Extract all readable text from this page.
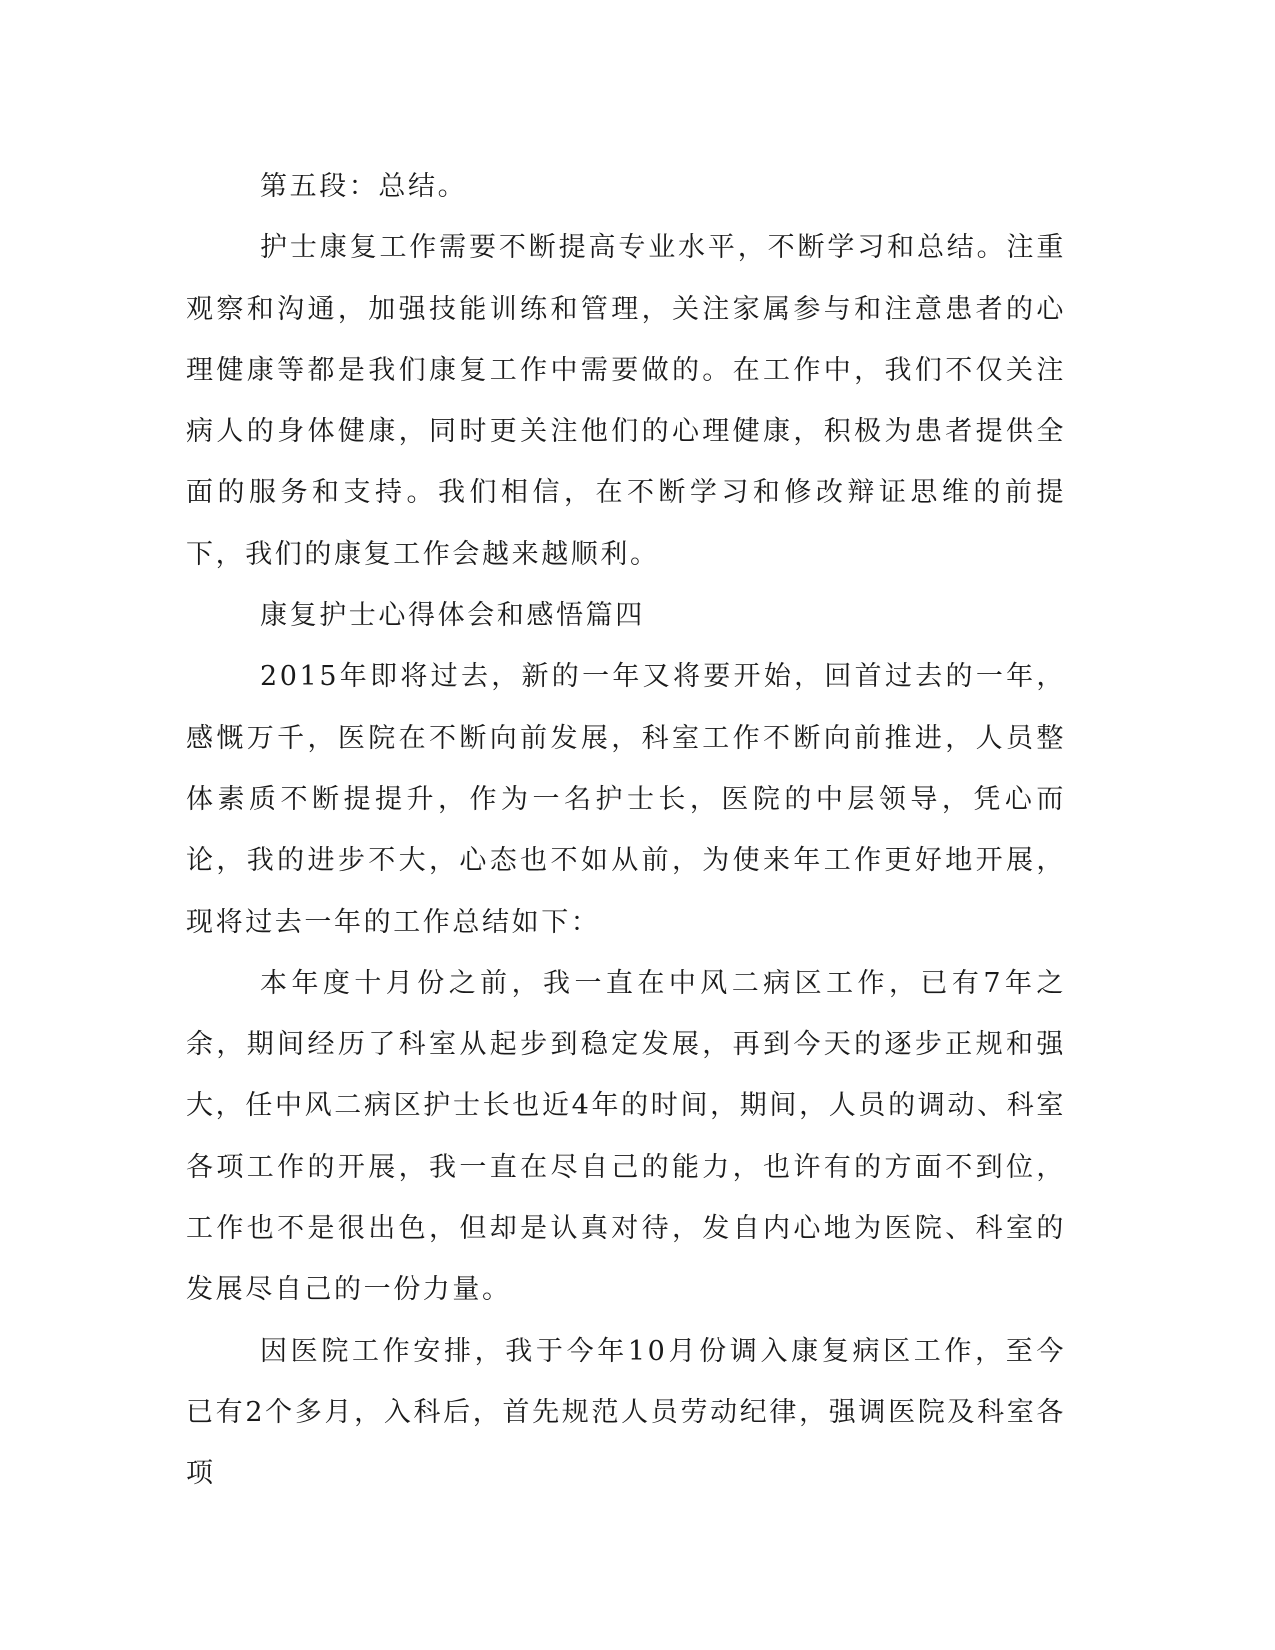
第五段：总结。

护士康复工作需要不断提高专业水平，不断学习和总结。注重观察和沟通，加强技能训练和管理，关注家属参与和注意患者的心理健康等都是我们康复工作中需要做的。在工作中，我们不仅关注病人的身体健康，同时更关注他们的心理健康，积极为患者提供全面的服务和支持。我们相信，在不断学习和修改辩证思维的前提下，我们的康复工作会越来越顺利。

康复护士心得体会和感悟篇四

2015年即将过去，新的一年又将要开始，回首过去的一年，感慨万千，医院在不断向前发展，科室工作不断向前推进，人员整体素质不断提提升，作为一名护士长，医院的中层领导，凭心而论，我的进步不大，心态也不如从前，为使来年工作更好地开展，现将过去一年的工作总结如下：

本年度十月份之前，我一直在中风二病区工作，已有7年之余，期间经历了科室从起步到稳定发展，再到今天的逐步正规和强大，任中风二病区护士长也近4年的时间，期间，人员的调动、科室各项工作的开展，我一直在尽自己的能力，也许有的方面不到位，工作也不是很出色，但却是认真对待，发自内心地为医院、科室的发展尽自己的一份力量。

因医院工作安排，我于今年10月份调入康复病区工作，至今已有2个多月，入科后，首先规范人员劳动纪律，强调医院及科室各项
